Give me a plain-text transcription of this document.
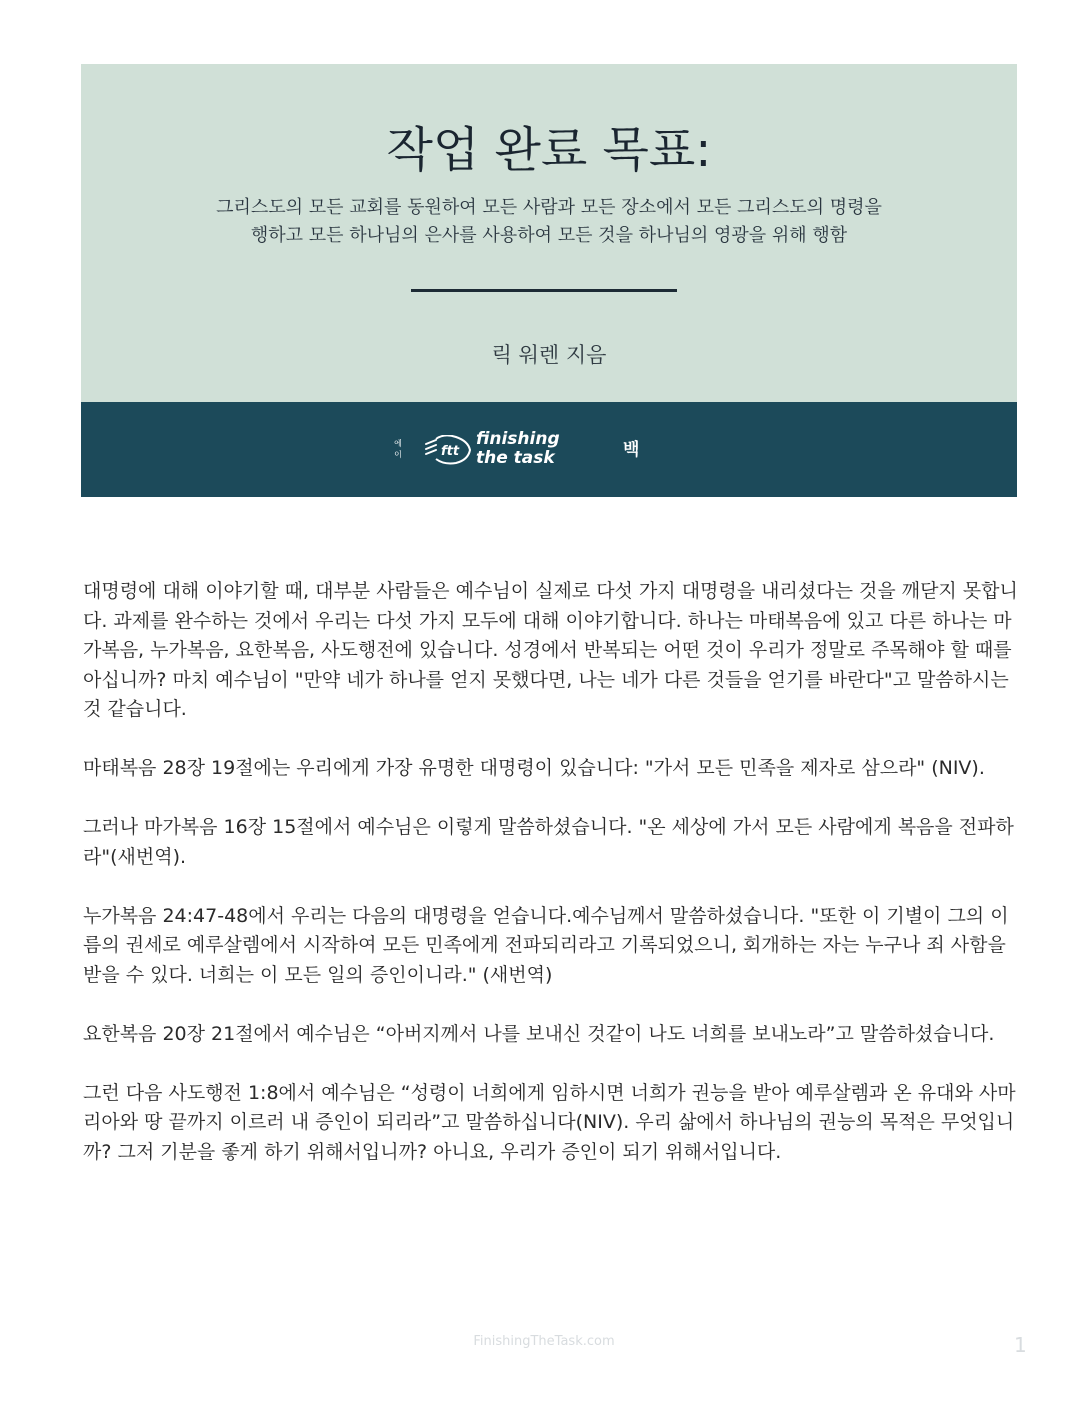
작업 완료 목표:

그리스도의 모든 교회를 동원하여 모든 사람과 모든 장소에서 모든 그리스도의 명령을
행하고 모든 하나님의 은사를 사용하여 모든 것을 하나님의 영광을 위해 행함

릭 워렌 지음

에이	ftt
finishing
the task	백

대명령에 대해 이야기할 때, 대부분 사람들은 예수님이 실제로 다섯 가지 대명령을 내리셨다는 것을 깨닫지 못합니다. 과제를 완수하는 것에서 우리는 다섯 가지 모두에 대해 이야기합니다. 하나는 마태복음에 있고 다른 하나는 마가복음, 누가복음, 요한복음, 사도행전에 있습니다. 성경에서 반복되는 어떤 것이 우리가 정말로 주목해야 할 때를 아십니까? 마치 예수님이 "만약 네가 하나를 얻지 못했다면, 나는 네가 다른 것들을 얻기를 바란다"고 말씀하시는 것 같습니다.

마태복음 28장 19절에는 우리에게 가장 유명한 대명령이 있습니다: "가서 모든 민족을 제자로 삼으라" (NIV).

그러나 마가복음 16장 15절에서 예수님은 이렇게 말씀하셨습니다. "온 세상에 가서 모든 사람에게 복음을 전파하라"(새번역).

누가복음 24:47-48에서 우리는 다음의 대명령을 얻습니다.예수님께서 말씀하셨습니다. "또한 이 기별이 그의 이름의 권세로 예루살렘에서 시작하여 모든 민족에게 전파되리라고 기록되었으니, 회개하는 자는 누구나 죄 사함을 받을 수 있다. 너희는 이 모든 일의 증인이니라." (새번역)

요한복음 20장 21절에서 예수님은 “아버지께서 나를 보내신 것같이 나도 너희를 보내노라”고 말씀하셨습니다.

그런 다음 사도행전 1:8에서 예수님은 “성령이 너희에게 임하시면 너희가 권능을 받아 예루살렘과 온 유대와 사마리아와 땅 끝까지 이르러 내 증인이 되리라”고 말씀하십니다(NIV). 우리 삶에서 하나님의 권능의 목적은 무엇입니까? 그저 기분을 좋게 하기 위해서입니까? 아니요, 우리가 증인이 되기 위해서입니다.

FinishingTheTask.com	1
